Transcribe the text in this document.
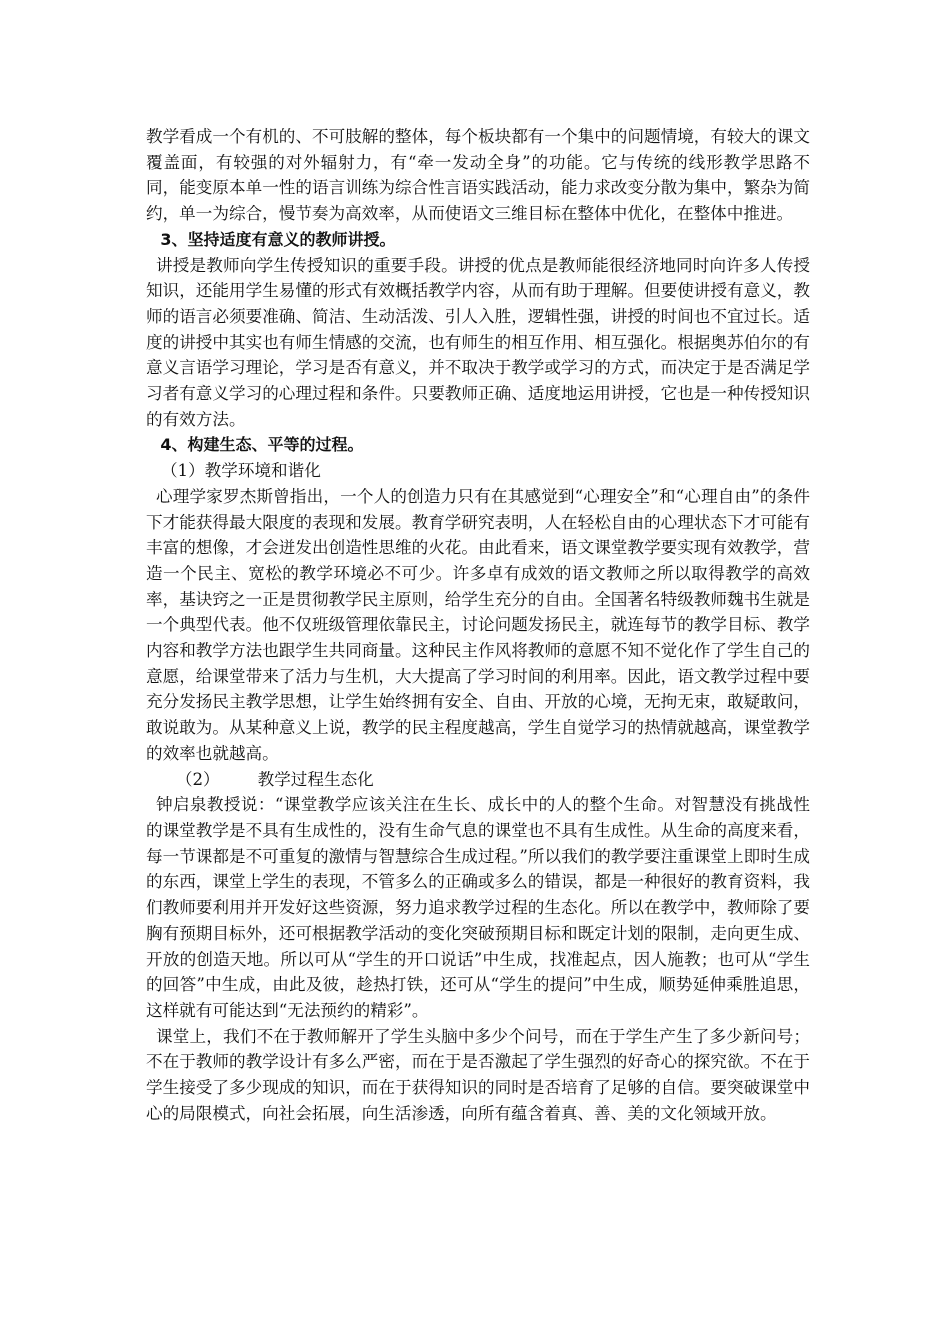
教学看成一个有机的、不可肢解的整体，每个板块都有一个集中的问题情境，有较大的课文覆盖面，有较强的对外辐射力，有“牵一发动全身”的功能。它与传统的线形教学思路不同，能变原本单一性的语言训练为综合性言语实践活动，能力求改变分散为集中，繁杂为简约，单一为综合，慢节奏为高效率，从而使语文三维目标在整体中优化，在整体中推进。

3、坚持适度有意义的教师讲授。

讲授是教师向学生传授知识的重要手段。讲授的优点是教师能很经济地同时向许多人传授知识，还能用学生易懂的形式有效概括教学内容，从而有助于理解。但要使讲授有意义，教师的语言必须要准确、简洁、生动活泼、引人入胜，逻辑性强，讲授的时间也不宜过长。适度的讲授中其实也有师生情感的交流，也有师生的相互作用、相互强化。根据奥苏伯尔的有意义言语学习理论，学习是否有意义，并不取决于教学或学习的方式，而决定于是否满足学习者有意义学习的心理过程和条件。只要教师正确、适度地运用讲授，它也是一种传授知识的有效方法。

4、构建生态、平等的过程。

（1）教学环境和谐化

心理学家罗杰斯曾指出，一个人的创造力只有在其感觉到“心理安全”和“心理自由”的条件下才能获得最大限度的表现和发展。教育学研究表明，人在轻松自由的心理状态下才可能有丰富的想像，才会迸发出创造性思维的火花。由此看来，语文课堂教学要实现有效教学，营造一个民主、宽松的教学环境必不可少。许多卓有成效的语文教师之所以取得教学的高效率，基诀窍之一正是贯彻教学民主原则，给学生充分的自由。全国著名特级教师魏书生就是一个典型代表。他不仅班级管理依靠民主，讨论问题发扬民主，就连每节的教学目标、教学内容和教学方法也跟学生共同商量。这种民主作风将教师的意愿不知不觉化作了学生自己的意愿，给课堂带来了活力与生机，大大提高了学习时间的利用率。因此，语文教学过程中要充分发扬民主教学思想，让学生始终拥有安全、自由、开放的心境，无拘无束，敢疑敢问，敢说敢为。从某种意义上说，教学的民主程度越高，学生自觉学习的热情就越高，课堂教学的效率也就越高。

（2） 教学过程生态化

钟启泉教授说：“课堂教学应该关注在生长、成长中的人的整个生命。对智慧没有挑战性的课堂教学是不具有生成性的，没有生命气息的课堂也不具有生成性。从生命的高度来看，每一节课都是不可重复的激情与智慧综合生成过程。”所以我们的教学要注重课堂上即时生成的东西，课堂上学生的表现，不管多么的正确或多么的错误，都是一种很好的教育资料，我们教师要利用并开发好这些资源，努力追求教学过程的生态化。所以在教学中，教师除了要胸有预期目标外，还可根据教学活动的变化突破预期目标和既定计划的限制，走向更生成、开放的创造天地。所以可从“学生的开口说话”中生成，找准起点，因人施教；也可从“学生的回答”中生成，由此及彼，趁热打铁，还可从“学生的提问”中生成，顺势延伸乘胜追思，这样就有可能达到“无法预约的精彩”。

课堂上，我们不在于教师解开了学生头脑中多少个问号，而在于学生产生了多少新问号；不在于教师的教学设计有多么严密，而在于是否激起了学生强烈的好奇心的探究欲。不在于学生接受了多少现成的知识，而在于获得知识的同时是否培育了足够的自信。要突破课堂中心的局限模式，向社会拓展，向生活渗透，向所有蕴含着真、善、美的文化领域开放。
